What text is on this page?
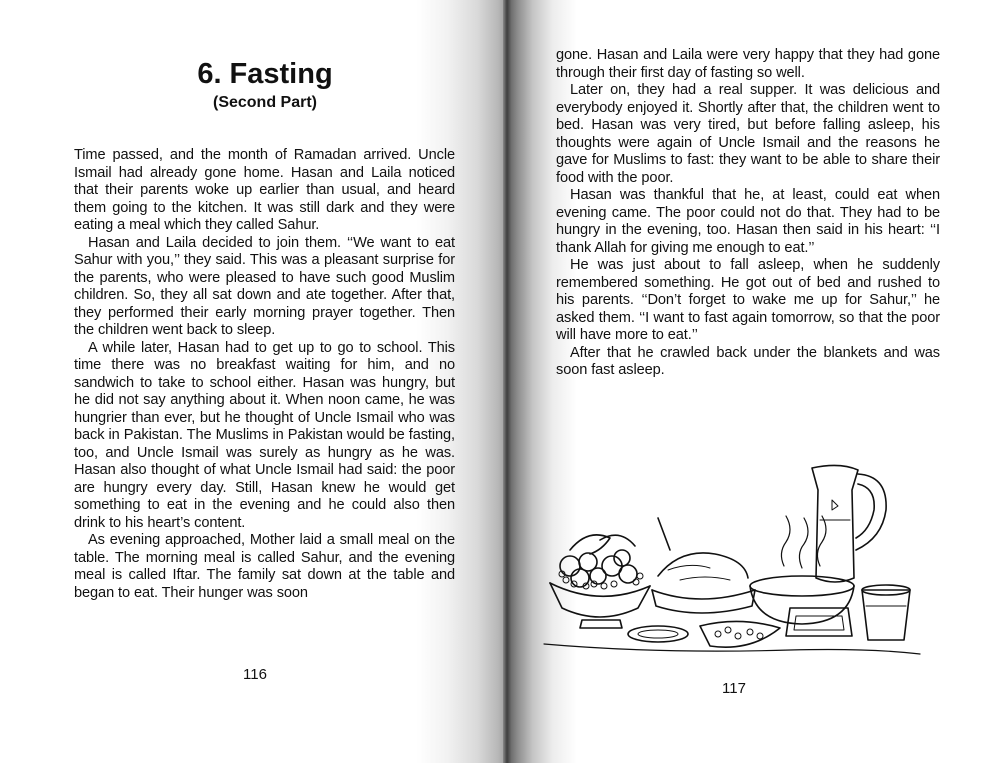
6. Fasting
(Second Part)

Time passed, and the month of Ramadan arrived. Uncle Ismail had already gone home. Hasan and Laila noticed that their parents woke up earlier than usual, and heard them going to the kitchen. It was still dark and they were eating a meal which they called Sahur.

Hasan and Laila decided to join them. ‘‘We want to eat Sahur with you,’’ they said. This was a pleasant surprise for the parents, who were pleased to have such good Muslim children. So, they all sat down and ate together. After that, they performed their early morning prayer together. Then the children went back to sleep.

A while later, Hasan had to get up to go to school. This time there was no breakfast waiting for him, and no sandwich to take to school either. Hasan was hungry, but he did not say anything about it. When noon came, he was hungrier than ever, but he thought of Uncle Ismail who was back in Pakistan. The Muslims in Pakistan would be fasting, too, and Uncle Ismail was surely as hungry as he was. Hasan also thought of what Uncle Ismail had said: the poor are hungry every day. Still, Hasan knew he would get something to eat in the evening and he could also then drink to his heart’s content.

As evening approached, Mother laid a small meal on the table. The morning meal is called Sahur, and the evening meal is called Iftar. The family sat down at the table and began to eat. Their hunger was soon

116

gone. Hasan and Laila were very happy that they had gone through their first day of fasting so well.

Later on, they had a real supper. It was delicious and everybody enjoyed it. Shortly after that, the children went to bed. Hasan was very tired, but before falling asleep, his thoughts were again of Uncle Ismail and the reasons he gave for Muslims to fast: they want to be able to share their food with the poor.

Hasan was thankful that he, at least, could eat when evening came. The poor could not do that. They had to be hungry in the evening, too. Hasan then said in his heart: ‘‘I thank Allah for giving me enough to eat.’’

He was just about to fall asleep, when he suddenly remembered something. He got out of bed and rushed to his parents. ‘‘Don’t forget to wake me up for Sahur,’’ he asked them. ‘‘I want to fast again tomorrow, so that the poor will have more to eat.’’

After that he crawled back under the blankets and was soon fast asleep.

117
